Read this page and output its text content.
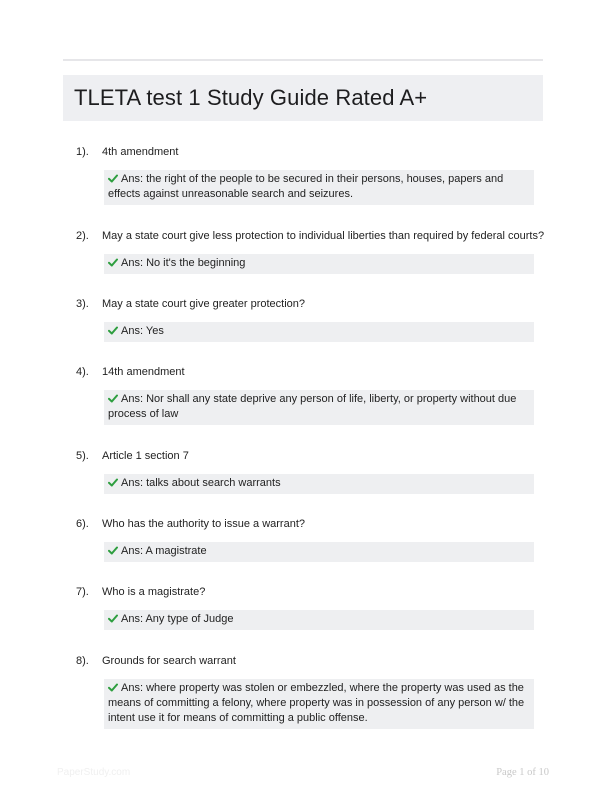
TLETA test 1 Study Guide Rated A+
1). 4th amendment
Ans: the right of the people to be secured in their persons, houses, papers and effects against unreasonable search and seizures.
2). May a state court give less protection to individual liberties than required by federal courts?
Ans: No it's the beginning
3). May a state court give greater protection?
Ans: Yes
4). 14th amendment
Ans: Nor shall any state deprive any person of life, liberty, or property without due process of law
5). Article 1 section 7
Ans: talks about search warrants
6). Who has the authority to issue a warrant?
Ans: A magistrate
7). Who is a magistrate?
Ans: Any type of Judge
8). Grounds for search warrant
Ans: where property was stolen or embezzled, where the property was used as the means of committing a felony, where property was in possession of any person w/ the intent use it for means of committing a public offense.
PaperStudy.com	Page 1 of 10
